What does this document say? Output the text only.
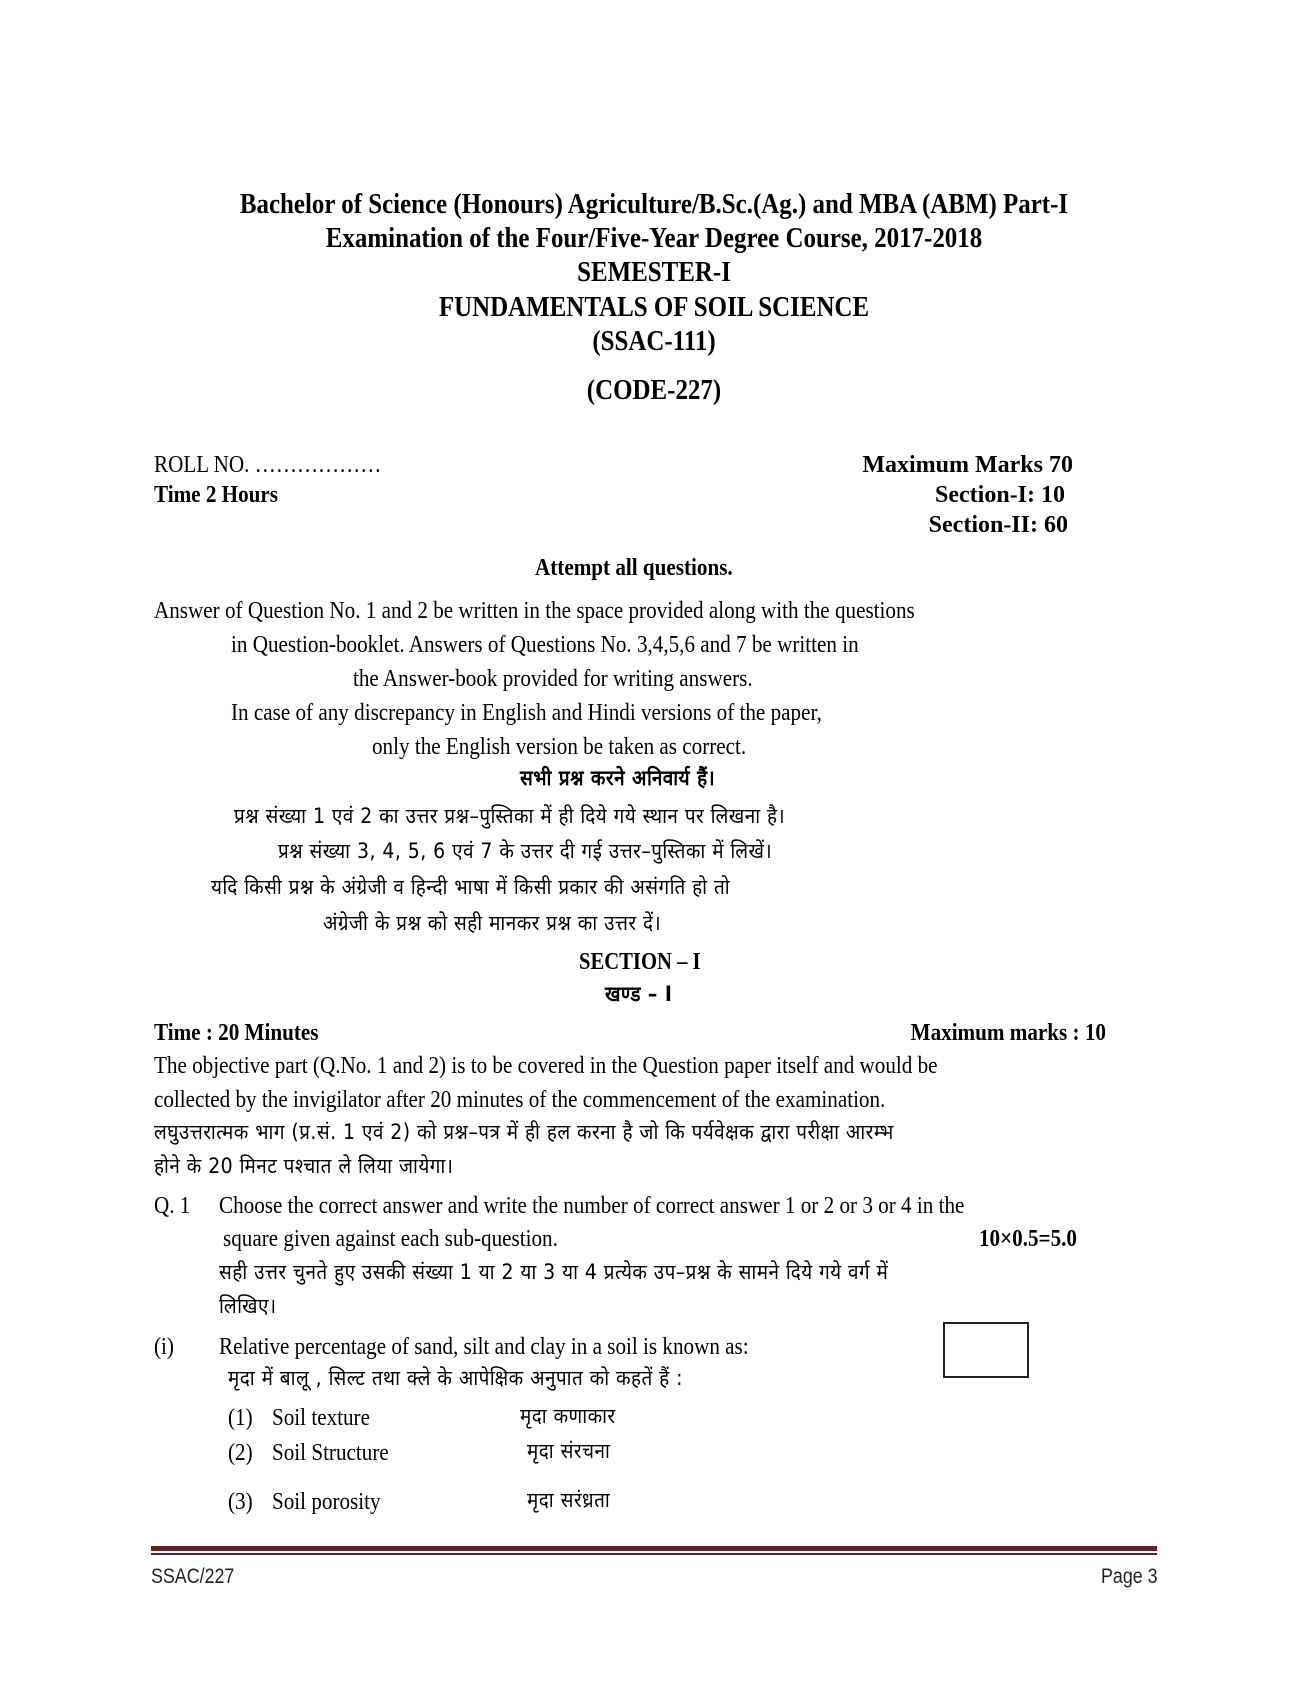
Bachelor of Science (Honours) Agriculture/B.Sc.(Ag.) and MBA (ABM) Part-I
Examination of the Four/Five-Year Degree Course, 2017-2018
SEMESTER-I
FUNDAMENTALS OF SOIL SCIENCE
(SSAC-111)
(CODE-227)
ROLL NO. ………………
Time 2 Hours
Maximum Marks 70
Section-I: 10
Section-II: 60
Attempt all questions.
Answer of Question No. 1 and 2 be written in the space provided along with the questions
in Question-booklet. Answers of Questions No. 3,4,5,6 and 7 be written in
the Answer-book provided for writing answers.
In case of any discrepancy in English and Hindi versions of the paper,
only the English version be taken as correct.
सभी प्रश्न करने अनिवार्य हैं।
प्रश्न संख्या 1 एवं 2 का उत्तर प्रश्न–पुस्तिका में ही दिये गये स्थान पर लिखना है।
प्रश्न संख्या 3, 4, 5, 6 एवं 7 के उत्तर दी गई उत्तर–पुस्तिका में लिखें।
यदि किसी प्रश्न के अंग्रेजी व हिन्दी भाषा में किसी प्रकार की असंगति हो तो
अंग्रेजी के प्रश्न को सही मानकर प्रश्न का उत्तर दें।
SECTION – I
खण्ड – I
Time : 20 Minutes	Maximum marks : 10
The objective part (Q.No. 1 and 2) is to be covered in the Question paper itself and would be
collected by the invigilator after 20 minutes of the commencement of the examination.
लघुउत्तरात्मक भाग (प्र.सं. 1 एवं 2) को प्रश्न–पत्र में ही हल करना है जो कि पर्यवेक्षक द्वारा परीक्षा आरम्भ
होने के 20 मिनट पश्चात ले लिया जायेगा।
Q. 1 Choose the correct answer and write the number of correct answer 1 or 2 or 3 or 4 in the
square given against each sub-question.	10×0.5=5.0
सही उत्तर चुनते हुए उसकी संख्या 1 या 2 या 3 या 4 प्रत्येक उप–प्रश्न के सामने दिये गये वर्ग में
लिखिए।
(i) Relative percentage of sand, silt and clay in a soil is known as:
मृदा में बालू , सिल्ट तथा क्ले के आपेक्षिक अनुपात को कहतें हैं :
(1) Soil texture	मृदा कणाकार
(2) Soil Structure	मृदा संरचना
(3) Soil porosity	मृदा सरंध्रता
SSAC/227	Page 3
